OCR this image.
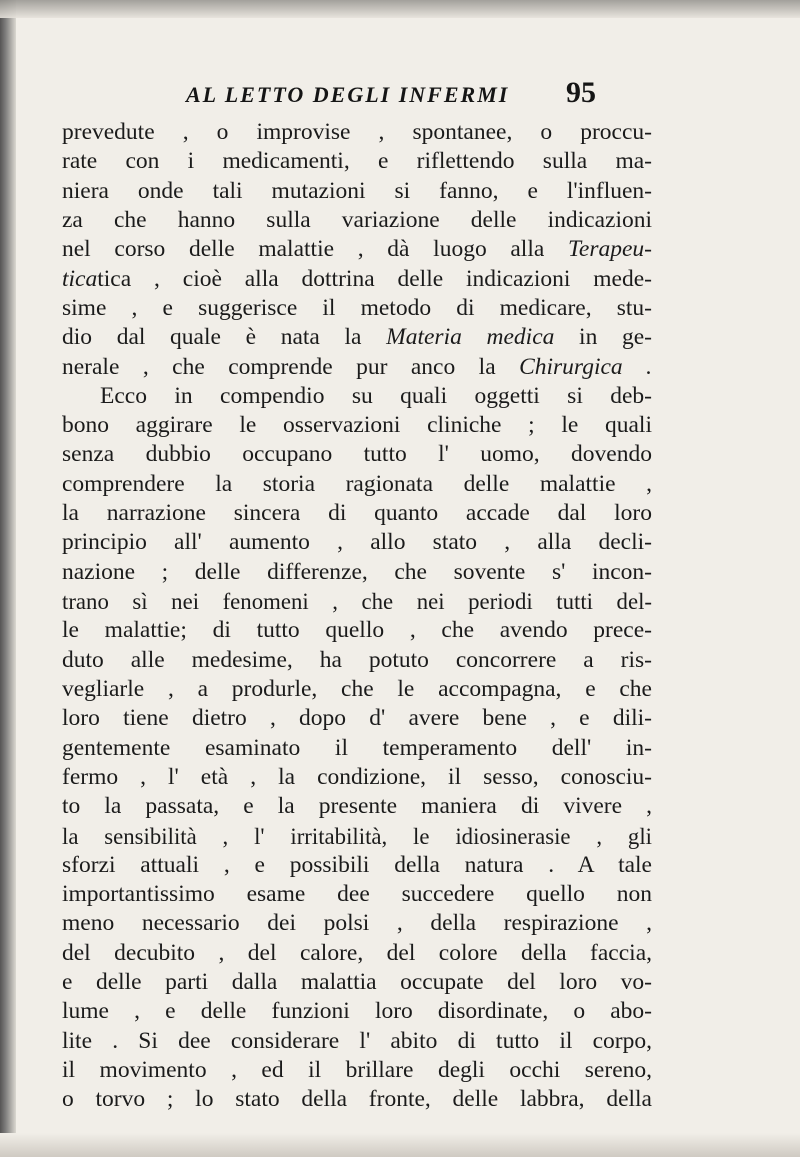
AL LETTO DEGLI INFERMI 95
prevedute , o improvise , spontanee, o proccu-
rate con i medicamenti, e riflettendo sulla ma-
niera onde tali mutazioni si fanno, e l'influen-
za che hanno sulla variazione delle indicazioni
nel corso delle malattie , dà luogo alla Terapeu-
ticatica , cioè alla dottrina delle indicazioni mede-
sime , e suggerisce il metodo di medicare, stu-
dio dal quale è nata la Materia medica in ge-
nerale , che comprende pur anco la Chirurgica .
Ecco in compendio su quali oggetti si deb-
bono aggirare le osservazioni cliniche ; le quali
senza dubbio occupano tutto l' uomo, dovendo
comprendere la storia ragionata delle malattie ,
la narrazione sincera di quanto accade dal loro
principio all' aumento , allo stato , alla decli-
nazione ; delle differenze, che sovente s' incon-
trano sì nei fenomeni , che nei periodi tutti del-
le malattie; di tutto quello , che avendo prece-
duto alle medesime, ha potuto concorrere a ris-
vegliarle , a produrle, che le accompagna, e che
loro tiene dietro , dopo d' avere bene , e dili-
gentemente esaminato il temperamento dell' in-
fermo , l' età , la condizione, il sesso, conosciu-
to la passata, e la presente maniera di vivere ,
la sensibilità , l' irritabilità, le idiosinerasie , gli
sforzi attuali , e possibili della natura . A tale
importantissimo esame dee succedere quello non
meno necessario dei polsi , della respirazione ,
del decubito , del calore, del colore della faccia,
e delle parti dalla malattia occupate del loro vo-
lume , e delle funzioni loro disordinate, o abo-
lite . Si dee considerare l' abito di tutto il corpo,
il movimento , ed il brillare degli occhi sereno,
o torvo ; lo stato della fronte, delle labbra, della
